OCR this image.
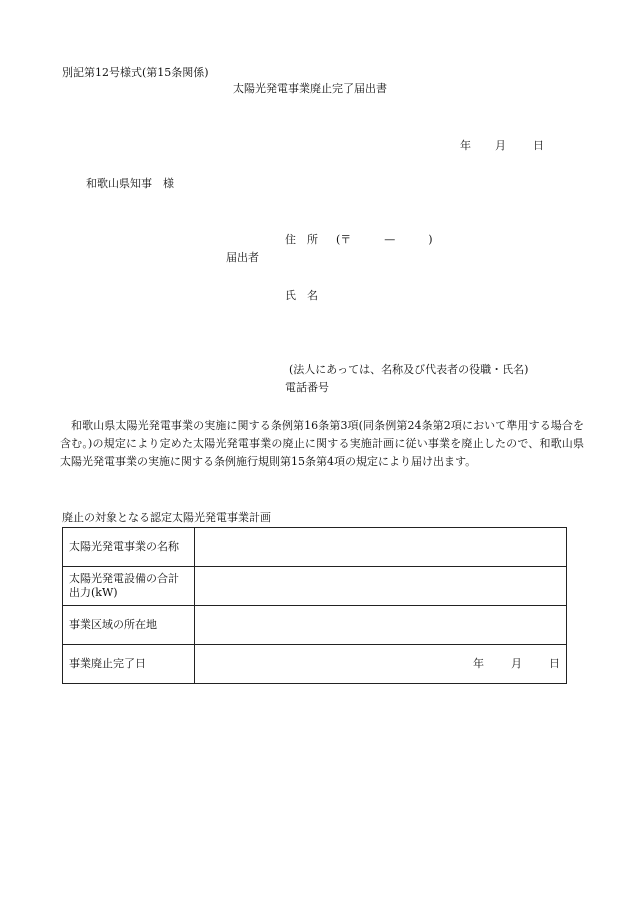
別記第12号様式(第15条関係)
太陽光発電事業廃止完了届出書
年 月 日
和歌山県知事　様
住　所 (〒　　　—　　　)
届出者
氏　名
(法人にあっては、名称及び代表者の役職・氏名)
電話番号
和歌山県太陽光発電事業の実施に関する条例第16条第3項(同条例第24条第2項において準用する場合を含む。)の規定により定めた太陽光発電事業の廃止に関する実施計画に従い事業を廃止したので、和歌山県太陽光発電事業の実施に関する条例施行規則第15条第4項の規定により届け出ます。
廃止の対象となる認定太陽光発電事業計画
太陽光発電事業の名称	
太陽光発電設備の合計出力(kW)	
事業区域の所在地	
事業廃止完了日	年 月 日
